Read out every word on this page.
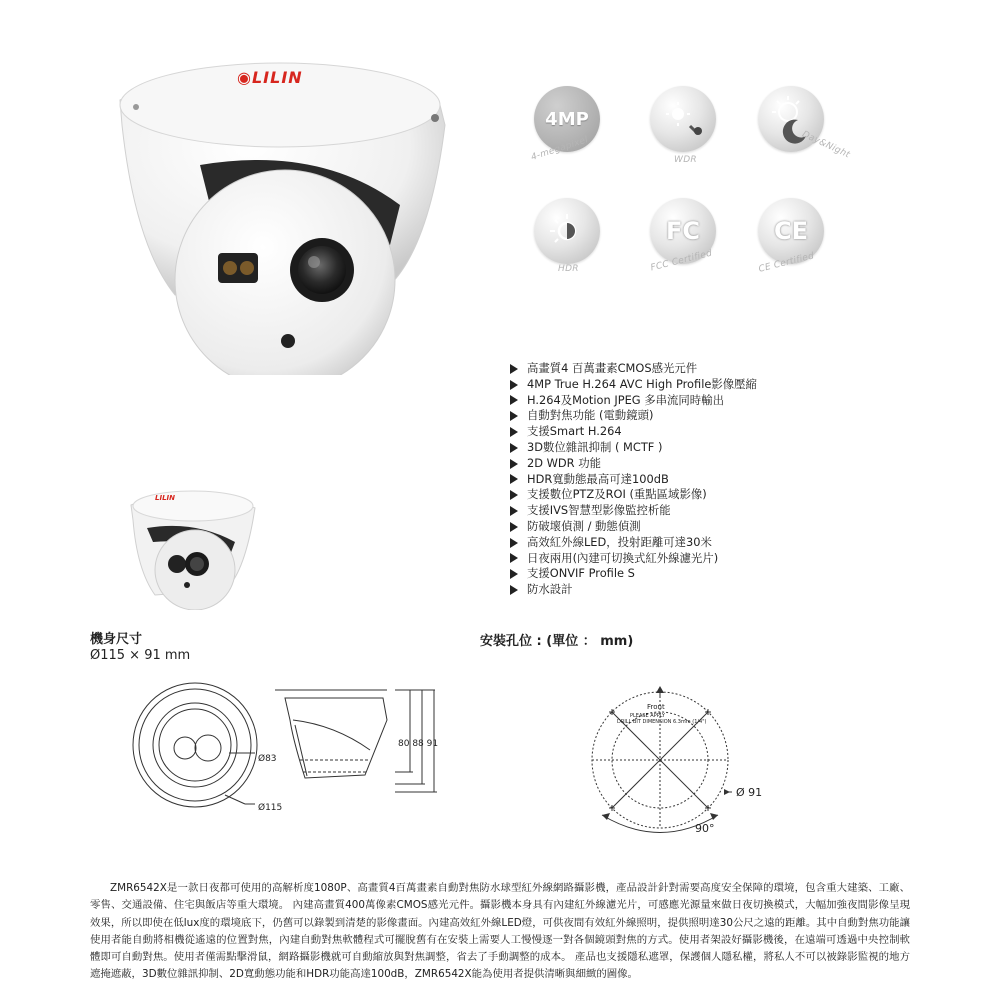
◉LILIN
LILIN
4MP
4-megapixel	WDR	Day&Night
HDR
FC
FCC Certified
CE
CE Certified
高畫質4 百萬畫素CMOS感光元件
4MP True H.264 AVC High Profile影像壓縮
H.264及Motion JPEG 多串流同時輸出
自動對焦功能 (電動鏡頭)
支援Smart H.264
3D數位雜訊抑制 ( MCTF )
2D WDR 功能
HDR寬動態最高可達100dB
支援數位PTZ及ROI (重點區域影像)
支援IVS智慧型影像監控析能
防破壞偵測 / 動態偵測
高效紅外線LED，投射距離可達30米
日夜兩用(內建可切換式紅外線濾光片)
支援ONVIF Profile S
防水設計
機身尺寸
Ø115 × 91 mm
安裝孔位 : (單位 ： mm)
Ø83
Ø115
80 88 91
Front
PLEASE APPLY
DRILL BIT DIMENSION 6.3mm (1/4")
Ø 91
90°

ZMR6542X是一款日夜都可使用的高解析度1080P、高畫質4百萬畫素自動對焦防水球型紅外線網路攝影機，產品設計針對需要高度安全保障的環境，包含重大建築、工廠、零售、交通設備、住宅與飯店等重大環境。 內建高畫質400萬像素CMOS感光元件。攝影機本身具有內建紅外線濾光片，可感應光源量來做日夜切換模式，大幅加強夜間影像呈現效果，所以即使在低lux度的環境底下，仍舊可以錄製到清楚的影像畫面。內建高效紅外線LED燈，可供夜間有效紅外線照明，提供照明達30公尺之遠的距離。其中自動對焦功能讓使用者能自動將相機從遙遠的位置對焦，內建自動對焦軟體程式可擺脫舊有在安裝上需要人工慢慢逐一對各個鏡頭對焦的方式。使用者架設好攝影機後，在遠端可透過中央控制軟體即可自動對焦。使用者僅需點擊滑鼠，網路攝影機就可自動縮放與對焦調整，省去了手動調整的成本。 產品也支援隱私遮罩，保護個人隱私權，將私人不可以被錄影監視的地方遮掩遮蔽，3D數位雜訊抑制、2D寬動態功能和HDR功能高達100dB，ZMR6542X能為使用者提供清晰與細緻的圖像。
